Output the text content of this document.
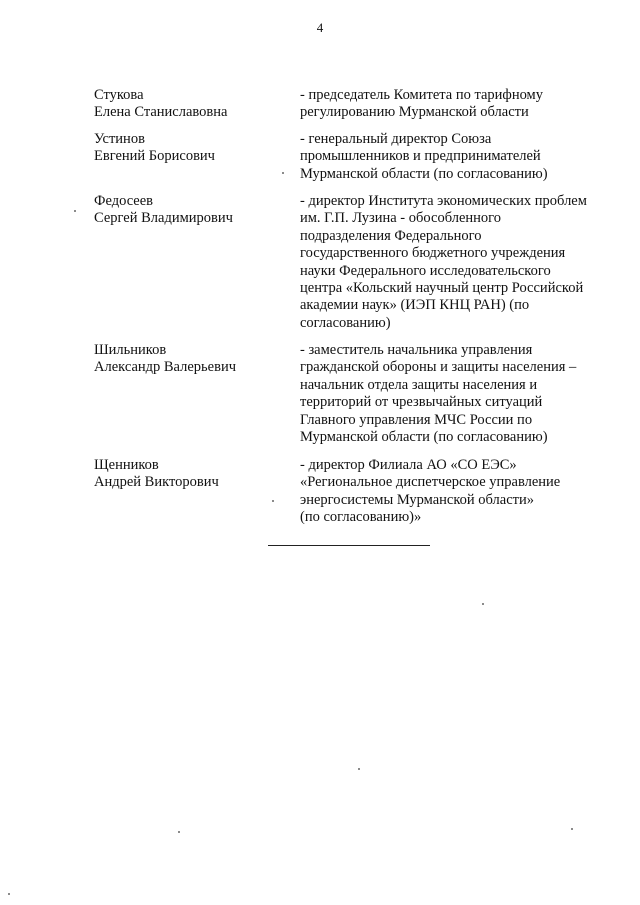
4
Стукова
Елена Станиславовна
- председатель Комитета по тарифному
регулированию Мурманской области
Устинов
Евгений Борисович
- генеральный директор Союза
промышленников и предпринимателей
Мурманской области (по согласованию)
Федосеев
Сергей Владимирович
- директор Института экономических проблем
им. Г.П. Лузина - обособленного
подразделения Федерального
государственного бюджетного учреждения
науки Федерального исследовательского
центра «Кольский научный центр Российской
академии наук» (ИЭП КНЦ РАН) (по
согласованию)
Шильников
Александр Валерьевич
- заместитель начальника управления
гражданской обороны и защиты населения –
начальник отдела защиты населения и
территорий от чрезвычайных ситуаций
Главного управления МЧС России по
Мурманской области (по согласованию)
Щенников
Андрей Викторович
- директор Филиала АО «СО ЕЭС»
«Региональное диспетчерское управление
энергосистемы Мурманской области»
(по согласованию)»
